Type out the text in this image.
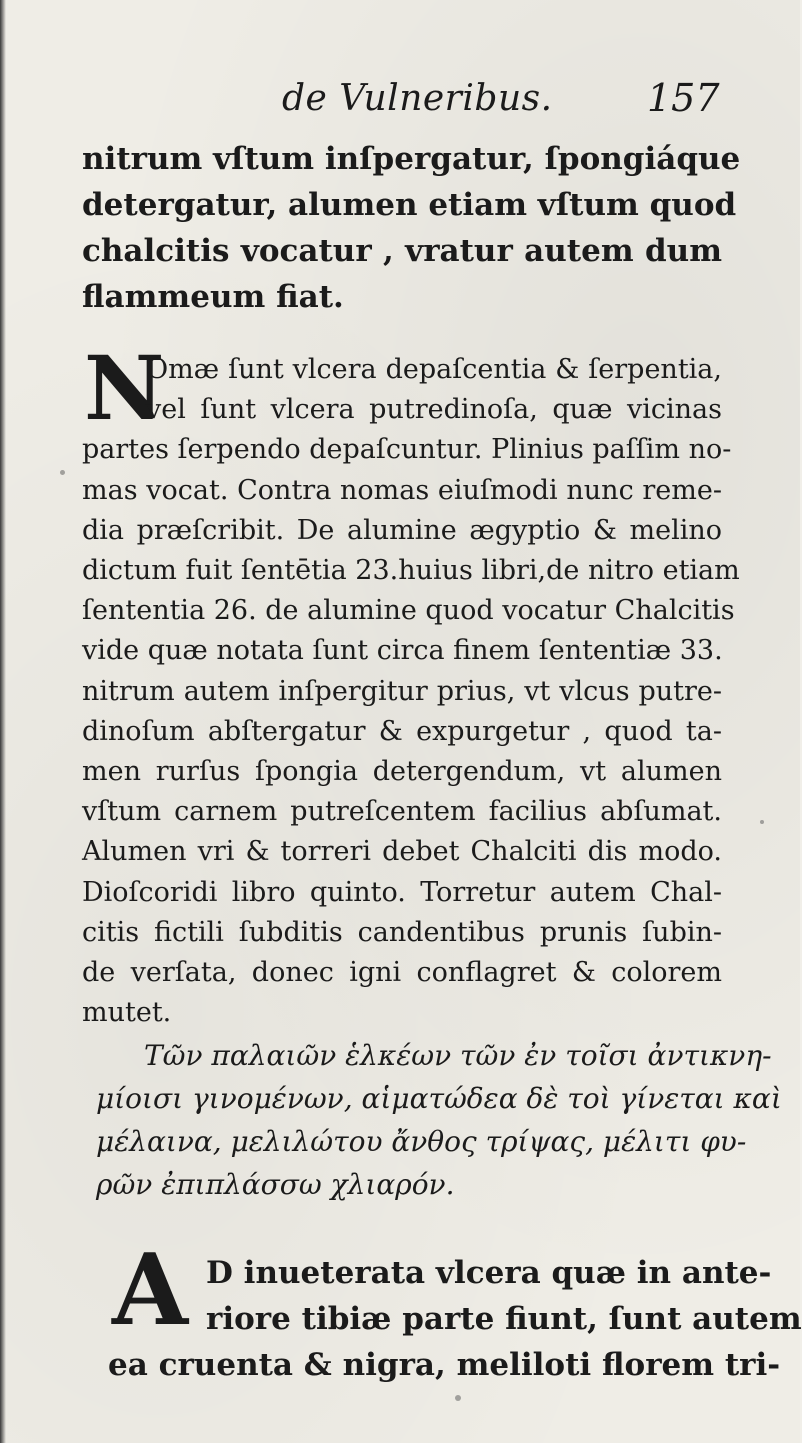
de Vulneribus. 157
nitrum vſtum inſpergatur, ſpongiáque
detergatur, alumen etiam vſtum quod
chalcitis vocatur , vratur autem dum
flammeum fiat.
N
Omæ ſunt vlcera depaſcentia & ſerpentia,
vel ſunt vlcera putredinoſa, quæ vicinas
partes ſerpendo depaſcuntur. Plinius paſſim no-
mas vocat. Contra nomas eiuſmodi nunc reme-
dia præſcribit. De alumine ægyptio & melino
dictum fuit ſentētia 23.huius libri,de nitro etiam
ſententia 26. de alumine quod vocatur Chalcitis
vide quæ notata ſunt circa finem ſententiæ 33.
nitrum autem inſpergitur prius, vt vlcus putre-
dinoſum abſtergatur & expurgetur , quod ta-
men rurſus ſpongia detergendum, vt alumen
vſtum carnem putreſcentem facilius abſumat.
Alumen vri & torreri debet Chalciti dis modo.
Dioſcoridi libro quinto. Torretur autem Chal-
citis fictili ſubditis candentibus prunis ſubin-
de verſata, donec igni conflagret & colorem
mutet.
Τῶν παλαιῶν ἑλκέων τῶν ἐν τοῖσι ἀντικνη-
μίοισι γινομένων, αἱματώδεα δὲ τοὶ γίνεται καὶ
μέλαινα, μελιλώτου ἄνθος τρίψας, μέλιτι φυ-
ρῶν ἐπιπλάσσω χλιαρόν.
A D inueterata vlcera quæ in ante-
riore tibiæ parte fiunt, ſunt autem
ea cruenta & nigra, meliloti florem tri-
